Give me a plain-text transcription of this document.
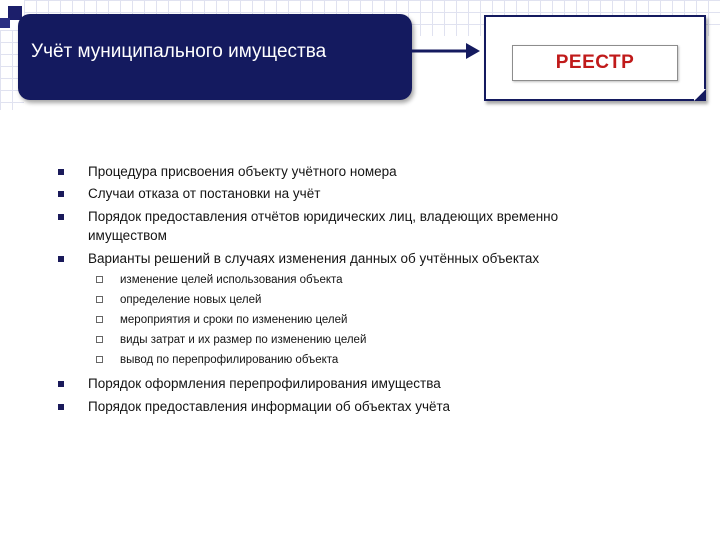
Учёт муниципального имущества
РЕЕСТР
Процедура присвоения объекту учётного номера
Случаи отказа от постановки на учёт
Порядок предоставления отчётов юридических лиц, владеющих временно
имуществом
Варианты решений в случаях изменения данных об учтённых объектах
изменение целей использования объекта
определение новых целей
мероприятия и сроки по изменению целей
виды затрат и их размер по изменению целей
вывод по перепрофилированию объекта
Порядок оформления перепрофилирования имущества
Порядок предоставления информации об объектах учёта
